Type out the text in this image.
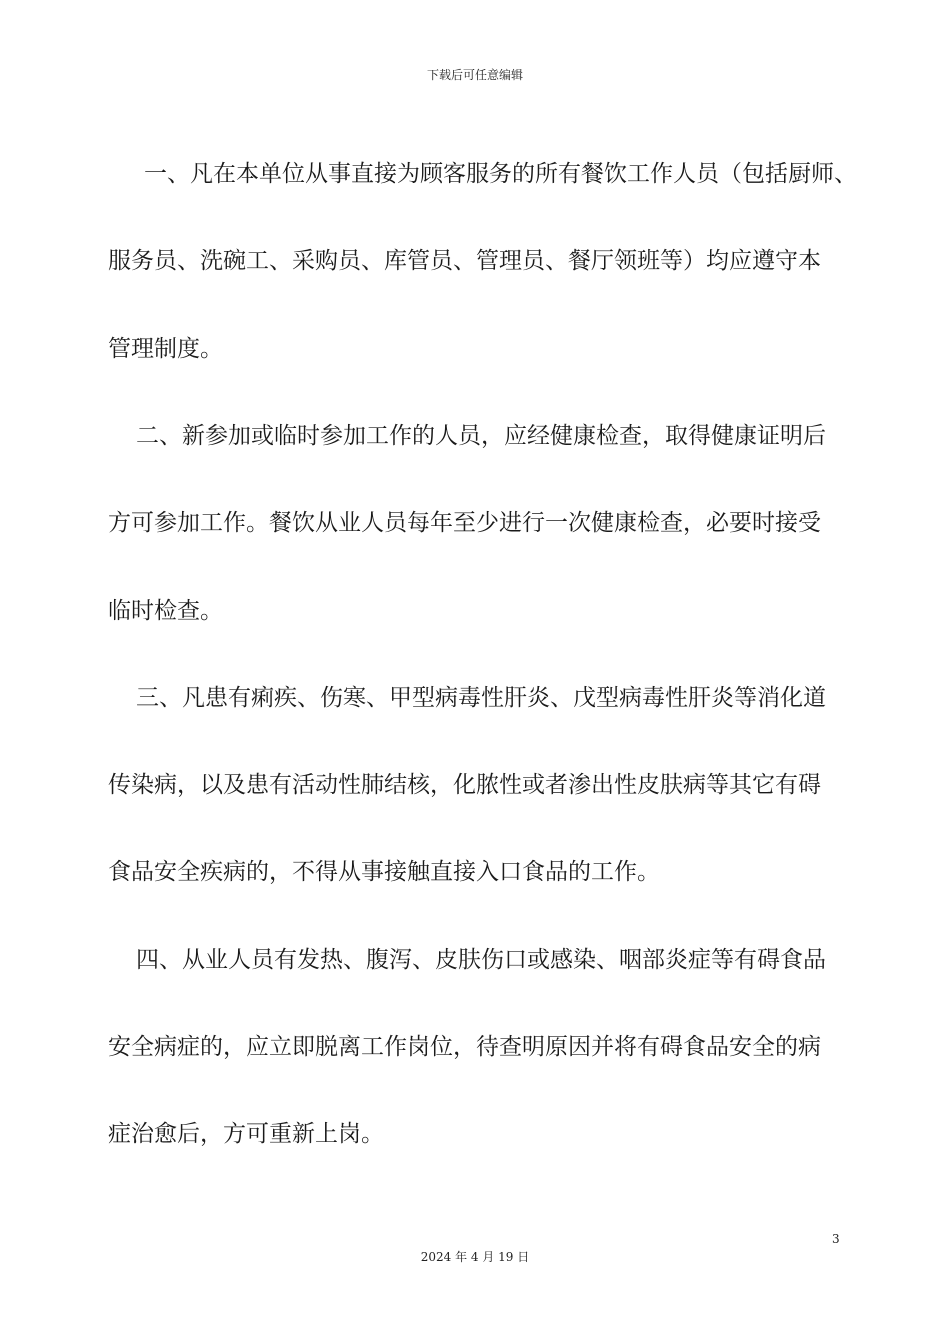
下载后可任意编辑
一、凡在本单位从事直接为顾客服务的所有餐饮工作人员（包括厨师、
服务员、洗碗工、采购员、库管员、管理员、餐厅领班等）均应遵守本
管理制度。
二、新参加或临时参加工作的人员，应经健康检查，取得健康证明后
方可参加工作。餐饮从业人员每年至少进行一次健康检查，必要时接受
临时检查。
三、凡患有痢疾、伤寒、甲型病毒性肝炎、戊型病毒性肝炎等消化道
传染病，以及患有活动性肺结核，化脓性或者渗出性皮肤病等其它有碍
食品安全疾病的，不得从事接触直接入口食品的工作。
四、从业人员有发热、腹泻、皮肤伤口或感染、咽部炎症等有碍食品
安全病症的，应立即脱离工作岗位，待查明原因并将有碍食品安全的病
症治愈后，方可重新上岗。
3
2024 年 4 月 19 日
